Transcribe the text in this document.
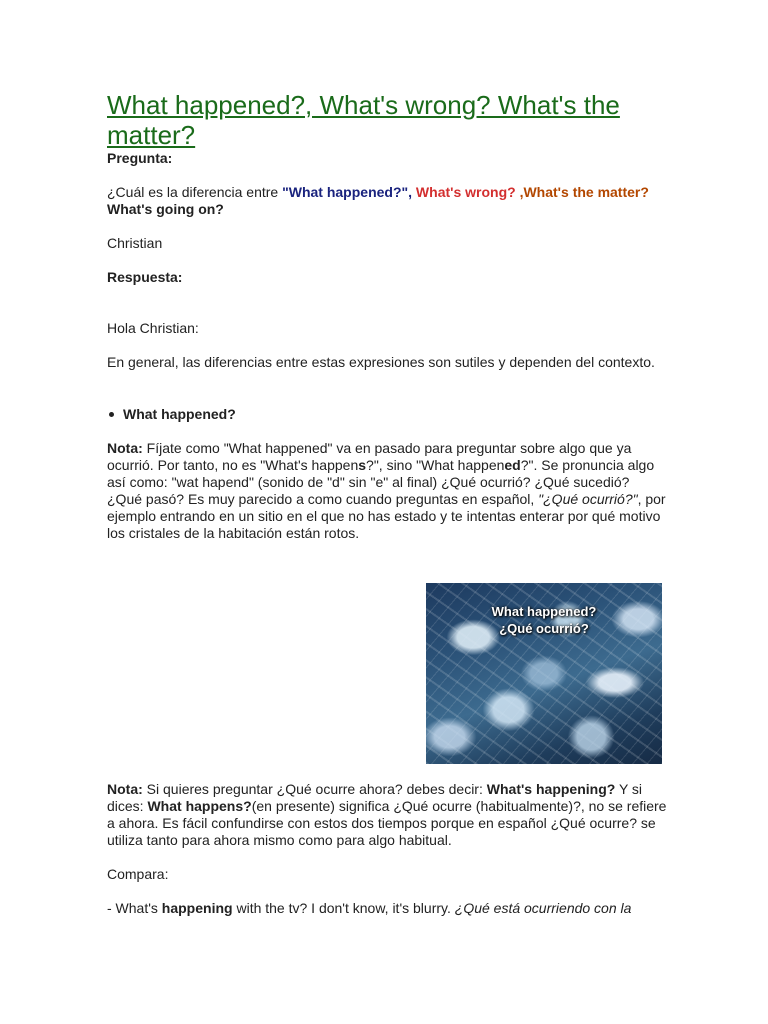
What happened?, What's wrong? What's the matter?

Pregunta:

¿Cuál es la diferencia entre "What happened?", What's wrong? ,What's the matter? What's going on?

Christian

Respuesta:

Hola Christian:

En general, las diferencias entre estas expresiones son sutiles y dependen del contexto.

What happened?

Nota: Fíjate como "What happened" va en pasado para preguntar sobre algo que ya ocurrió. Por tanto, no es "What's happens?", sino "What happened?". Se pronuncia algo así como: "wat hapend" (sonido de "d" sin "e" al final) ¿Qué ocurrió? ¿Qué sucedió? ¿Qué pasó? Es muy parecido a como cuando preguntas en español, "¿Qué ocurrió?", por ejemplo entrando en un sitio en el que no has estado y te intentas enterar por qué motivo los cristales de la habitación están rotos.

What happened?
¿Qué ocurrió?

Nota: Si quieres preguntar ¿Qué ocurre ahora? debes decir: What's happening? Y si dices: What happens?(en presente) significa ¿Qué ocurre (habitualmente)?, no se refiere a ahora. Es fácil confundirse con estos dos tiempos porque en español ¿Qué ocurre? se utiliza tanto para ahora mismo como para algo habitual.

Compara:

- What's happening with the tv? I don't know, it's blurry. ¿Qué está ocurriendo con la
